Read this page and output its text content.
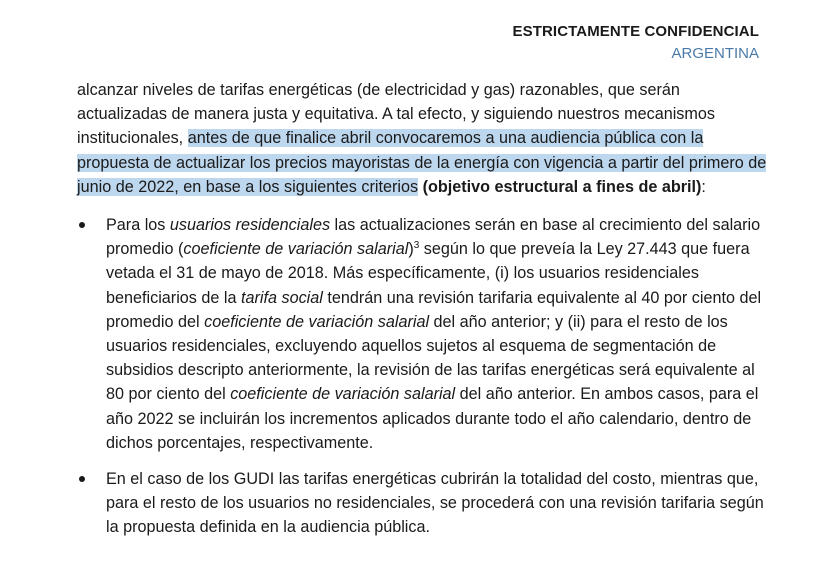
ESTRICTAMENTE CONFIDENCIAL
ARGENTINA

alcanzar niveles de tarifas energéticas (de electricidad y gas) razonables, que serán actualizadas de manera justa y equitativa. A tal efecto, y siguiendo nuestros mecanismos institucionales, antes de que finalice abril convocaremos a una audiencia pública con la propuesta de actualizar los precios mayoristas de la energía con vigencia a partir del primero de junio de 2022, en base a los siguientes criterios (objetivo estructural a fines de abril):

Para los usuarios residenciales las actualizaciones serán en base al crecimiento del salario promedio (coeficiente de variación salarial)$^3$ según lo que preveía la Ley 27.443 que fuera vetada el 31 de mayo de 2018. Más específicamente, (i) los usuarios residenciales beneficiarios de la tarifa social tendrán una revisión tarifaria equivalente al 40 por ciento del promedio del coeficiente de variación salarial del año anterior; y (ii) para el resto de los usuarios residenciales, excluyendo aquellos sujetos al esquema de segmentación de subsidios descripto anteriormente, la revisión de las tarifas energéticas será equivalente al 80 por ciento del coeficiente de variación salarial del año anterior. En ambos casos, para el año 2022 se incluirán los incrementos aplicados durante todo el año calendario, dentro de dichos porcentajes, respectivamente.
En el caso de los GUDI las tarifas energéticas cubrirán la totalidad del costo, mientras que, para el resto de los usuarios no residenciales, se procederá con una revisión tarifaria según la propuesta definida en la audiencia pública.
